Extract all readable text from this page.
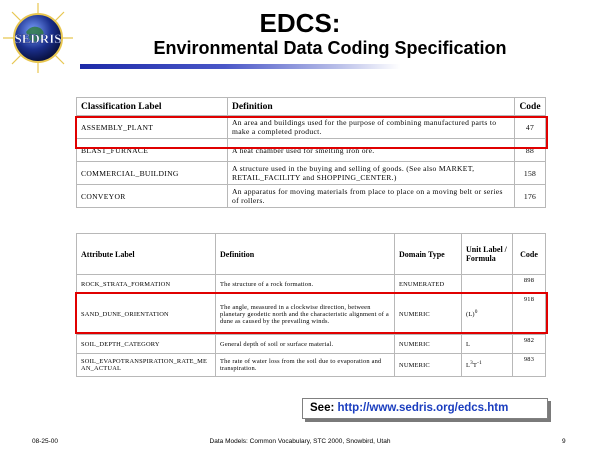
SEDRIS
EDCS:
Environmental Data Coding Specification
Classification Label	Definition	Code
ASSEMBLY_PLANT	An area and buildings used for the purpose of combining manufactured parts to make a completed product.	47
BLAST_FURNACE	A heat chamber used for smelting iron ore.	88
COMMERCIAL_BUILDING	A structure used in the buying and selling of goods. (See also MARKET, RETAIL_FACILITY and SHOPPING_CENTER.)	158
CONVEYOR	An apparatus for moving materials from place to place on a moving belt or series of rollers.	176
Attribute Label	Definition	Domain Type	Unit Label / Formula	Code
ROCK_STRATA_FORMATION	The structure of a rock formation.	ENUMERATED		898
SAND_DUNE_ORIENTATION	The angle, measured in a clockwise direction, between planetary geodetic north and the characteristic alignment of a dune as caused by the prevailing winds.	NUMERIC	$(L)^0$	918
SOIL_DEPTH_CATEGORY	General depth of soil or surface material.	NUMERIC	L	982
SOIL_EVAPOTRANSPIRATION_RATE_MEAN_ACTUAL	The rate of water loss from the soil due to evaporation and transpiration.	NUMERIC	$L^3T^{-1}$	983
See: http://www.sedris.org/edcs.htm
08-25-00	Data Models: Common Vocabulary, STC 2000, Snowbird, Utah	9
